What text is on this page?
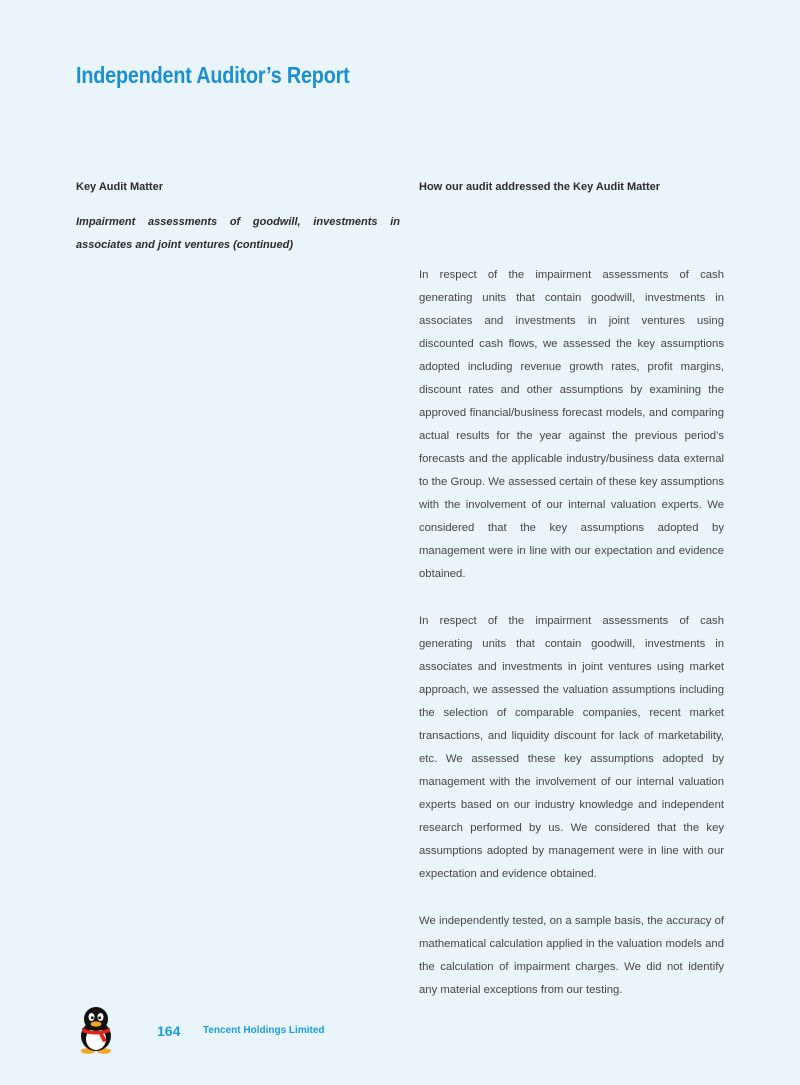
Independent Auditor’s Report

Key Audit Matter

Impairment assessments of goodwill, investments in associates and joint ventures (continued)

How our audit addressed the Key Audit Matter

In respect of the impairment assessments of cash generating units that contain goodwill, investments in associates and investments in joint ventures using discounted cash flows, we assessed the key assumptions adopted including revenue growth rates, profit margins, discount rates and other assumptions by examining the approved financial/business forecast models, and comparing actual results for the year against the previous period’s forecasts and the applicable industry/business data external to the Group. We assessed certain of these key assumptions with the involvement of our internal valuation experts. We considered that the key assumptions adopted by management were in line with our expectation and evidence obtained.

In respect of the impairment assessments of cash generating units that contain goodwill, investments in associates and investments in joint ventures using market approach, we assessed the valuation assumptions including the selection of comparable companies, recent market transactions, and liquidity discount for lack of marketability, etc. We assessed these key assumptions adopted by management with the involvement of our internal valuation experts based on our industry knowledge and independent research performed by us. We considered that the key assumptions adopted by management were in line with our expectation and evidence obtained.

We independently tested, on a sample basis, the accuracy of mathematical calculation applied in the valuation models and the calculation of impairment charges. We did not identify any material exceptions from our testing.

164 Tencent Holdings Limited
